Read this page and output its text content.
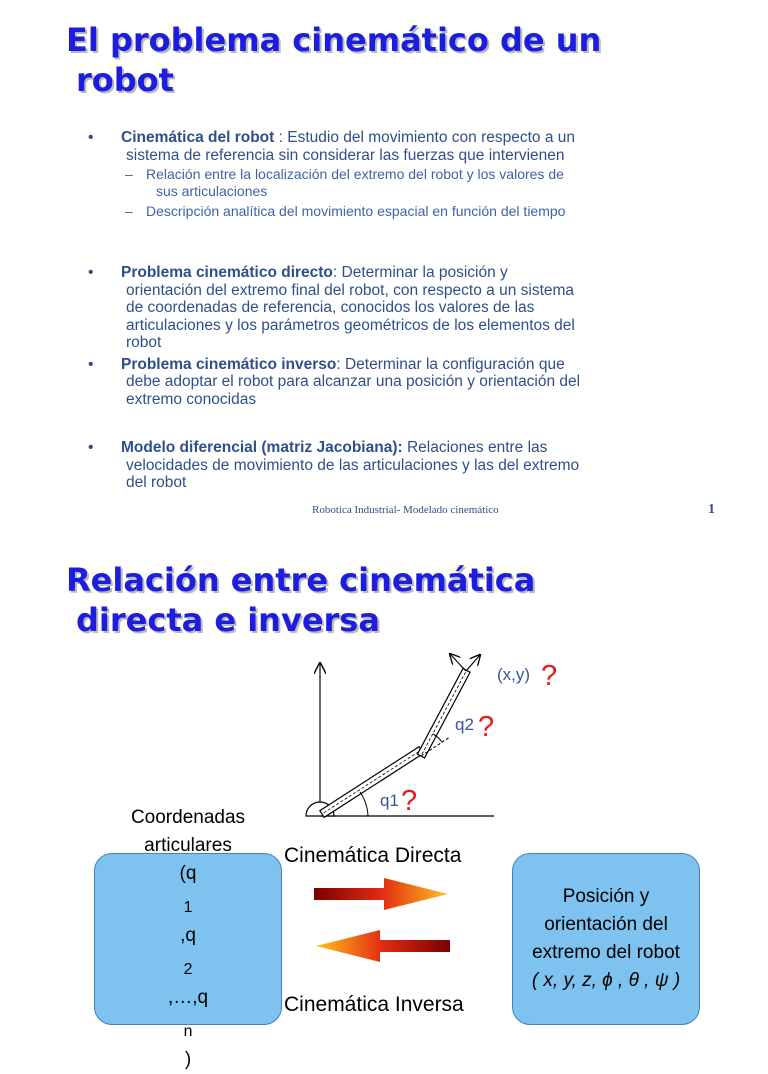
El problema cinemático de un
robot
• Cinemática del robot : Estudio del movimiento con respecto a un
sistema de referencia sin considerar las fuerzas que intervienen
– Relación entre la localización del extremo del robot y los valores de
sus articulaciones
– Descripción analítica del movimiento espacial en función del tiempo
• Problema cinemático directo: Determinar la posición y
orientación del extremo final del robot, con respecto a un sistema
de coordenadas de referencia, conocidos los valores de las
articulaciones y los parámetros geométricos de los elementos del
robot
• Problema cinemático inverso: Determinar la configuración que
debe adoptar el robot para alcanzar una posición y orientación del
extremo conocidas
• Modelo diferencial (matriz Jacobiana): Relaciones entre las
velocidades de movimiento de las articulaciones y las del extremo
del robot
Robotica Industrial- Modelado cinemático	1
Relación entre cinemática
directa e inversa
(x,y) ?
q2 ?
q1 ?
Cinemática Directa
Coordenadas
articulares
(q
$_1$
,q
$_2$
,…,q
$_n$
)
Posición y
orientación del
extremo del robot
( x, y, z, ϕ , θ , ψ )
Cinemática Inversa
